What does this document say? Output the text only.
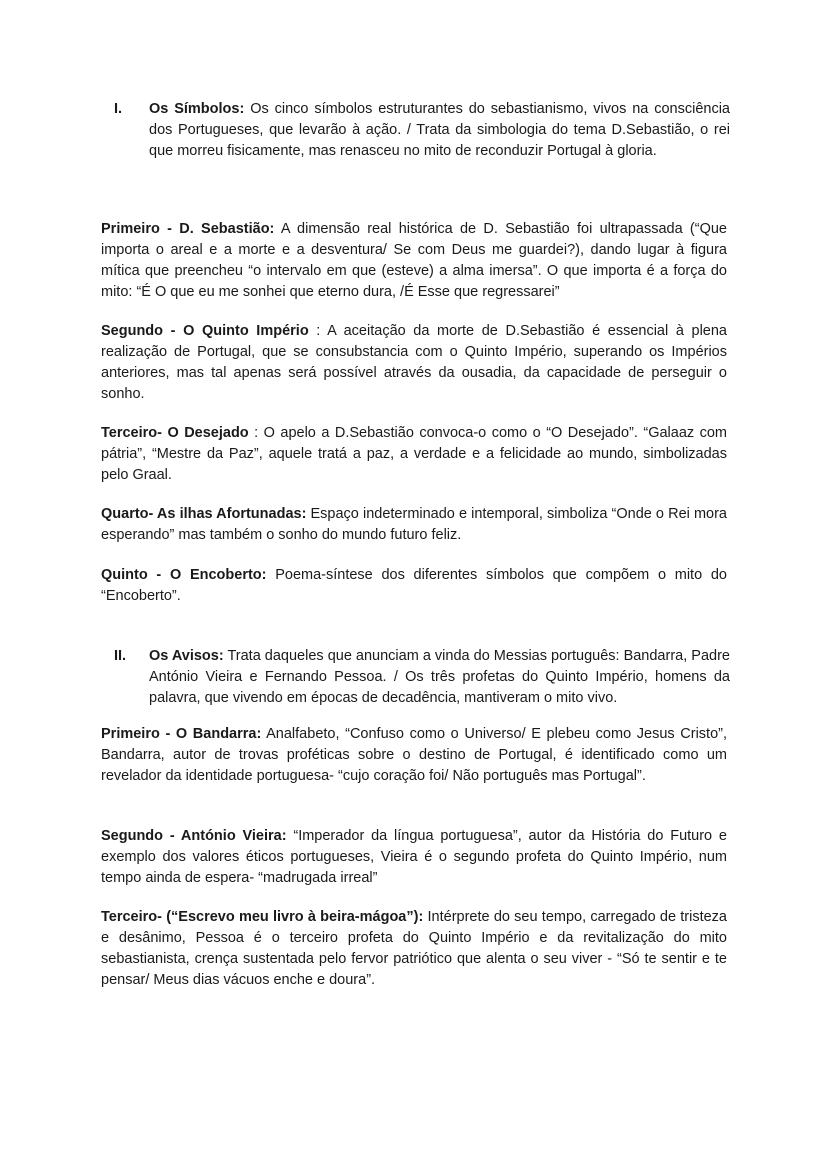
I. Os Símbolos: Os cinco símbolos estruturantes do sebastianismo, vivos na consciência dos Portugueses, que levarão à ação. / Trata da simbologia do tema D.Sebastião, o rei que morreu fisicamente, mas renasceu no mito de reconduzir Portugal à gloria.

Primeiro - D. Sebastião: A dimensão real histórica de D. Sebastião foi ultrapassada (“Que importa o areal e a morte e a desventura/ Se com Deus me guardei?), dando lugar à figura mítica que preencheu “o intervalo em que (esteve) a alma imersa”. O que importa é a força do mito: “É O que eu me sonhei que eterno dura, /É Esse que regressarei”

Segundo - O Quinto Império : A aceitação da morte de D.Sebastião é essencial à plena realização de Portugal, que se consubstancia com o Quinto Império, superando os Impérios anteriores, mas tal apenas será possível através da ousadia, da capacidade de perseguir o sonho.

Terceiro- O Desejado : O apelo a D.Sebastião convoca-o como o “O Desejado”. “Galaaz com pátria”, “Mestre da Paz”, aquele tratá a paz, a verdade e a felicidade ao mundo, simbolizadas pelo Graal.

Quarto- As ilhas Afortunadas: Espaço indeterminado e intemporal, simboliza “Onde o Rei mora esperando” mas também o sonho do mundo futuro feliz.

Quinto - O Encoberto: Poema-síntese dos diferentes símbolos que compõem o mito do “Encoberto”.

II. Os Avisos: Trata daqueles que anunciam a vinda do Messias português: Bandarra, Padre António Vieira e Fernando Pessoa. / Os três profetas do Quinto Império, homens da palavra, que vivendo em épocas de decadência, mantiveram o mito vivo.

Primeiro - O Bandarra: Analfabeto, “Confuso como o Universo/ E plebeu como Jesus Cristo”, Bandarra, autor de trovas proféticas sobre o destino de Portugal, é identificado como um revelador da identidade portuguesa- “cujo coração foi/ Não português mas Portugal”.

Segundo - António Vieira: “Imperador da língua portuguesa”, autor da História do Futuro e exemplo dos valores éticos portugueses, Vieira é o segundo profeta do Quinto Império, num tempo ainda de espera- “madrugada irreal”

Terceiro- (“Escrevo meu livro à beira-mágoa”): Intérprete do seu tempo, carregado de tristeza e desânimo, Pessoa é o terceiro profeta do Quinto Império e da revitalização do mito sebastianista, crença sustentada pelo fervor patriótico que alenta o seu viver - “Só te sentir e te pensar/ Meus dias vácuos enche e doura”.
